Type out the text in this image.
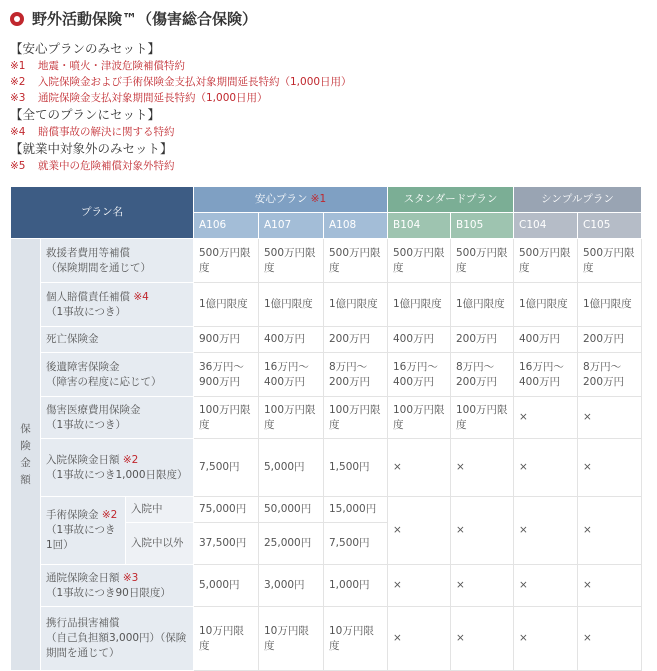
野外活動保険™（傷害総合保険）
【安心プランのみセット】
※1 地震・噴火・津波危険補償特約
※2 入院保険金および手術保険金支払対象期間延長特約（1,000日用）
※3 通院保険金支払対象期間延長特約（1,000日用）
【全てのプランにセット】
※4 賠償事故の解決に関する特約
【就業中対象外のみセット】
※5 就業中の危険補償対象外特約
プラン名			安心プラン ※1			スタンダードプラン		シンプルプラン	
			A106	A107	A108	B104	B105	C104	C105

保険金額	救援者費用等補償
（保険期間を通じて）		500万円限度	500万円限度	500万円限度	500万円限度	500万円限度	500万円限度	500万円限度
	個人賠償責任補償 ※4
（1事故につき）		1億円限度	1億円限度	1億円限度	1億円限度	1億円限度	1億円限度	1億円限度
	死亡保険金		900万円	400万円	200万円	400万円	200万円	400万円	200万円
	後遺障害保険金
（障害の程度に応じて）		36万円～900万円	16万円～400万円	8万円～200万円	16万円～400万円	8万円～200万円	16万円～400万円	8万円～200万円
	傷害医療費用保険金
（1事故につき）		100万円限度	100万円限度	100万円限度	100万円限度	100万円限度	×	×
	入院保険金日額 ※2
（1事故につき1,000日限度）		7,500円	5,000円	1,500円	×	×	×	×
	手術保険金 ※2
（1事故につき1回）	入院中	75,000円	50,000円	15,000円	×	×	×	×
		入院中以外	37,500円	25,000円	7,500円				
	通院保険金日額 ※3
（1事故につき90日限度）		5,000円	3,000円	1,000円	×	×	×	×
	携行品損害補償
（自己負担額3,000円）（保険期間を通じて）		10万円限度	10万円限度	10万円限度	×	×	×	×
